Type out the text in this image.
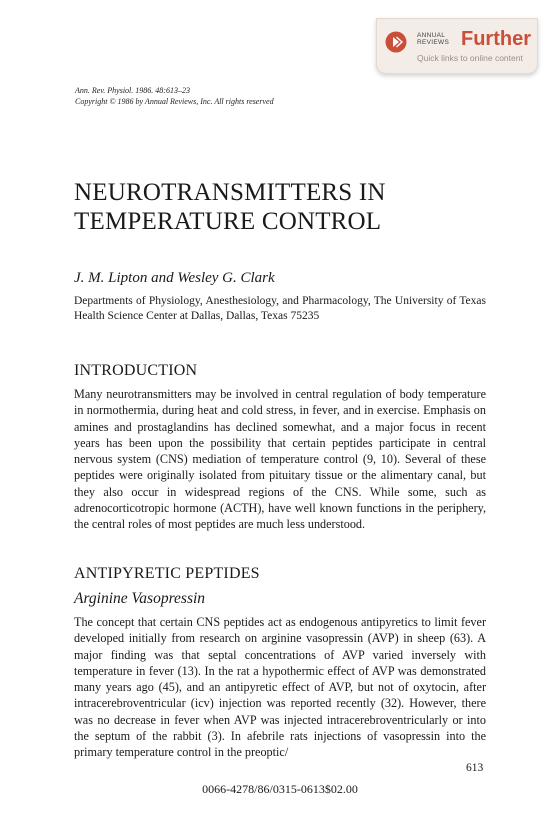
ANNUAL
REVIEWS Further
Quick links to online content
Ann. Rev. Physiol. 1986. 48:613–23
Copyright © 1986 by Annual Reviews, Inc. All rights reserved
NEUROTRANSMITTERS IN
TEMPERATURE CONTROL
J. M. Lipton and Wesley G. Clark

Departments of Physiology, Anesthesiology, and Pharmacology, The University of Texas Health Science Center at Dallas, Dallas, Texas 75235

INTRODUCTION

Many neurotransmitters may be involved in central regulation of body temperature in normothermia, during heat and cold stress, in fever, and in exercise. Emphasis on amines and prostaglandins has declined somewhat, and a major focus in recent years has been upon the possibility that certain peptides participate in central nervous system (CNS) mediation of temperature control (9, 10). Several of these peptides were originally isolated from pituitary tissue or the alimentary canal, but they also occur in widespread regions of the CNS. While some, such as adrenocorticotropic hormone (ACTH), have well known functions in the periphery, the central roles of most peptides are much less understood.

ANTIPYRETIC PEPTIDES
Arginine Vasopressin

The concept that certain CNS peptides act as endogenous antipyretics to limit fever developed initially from research on arginine vasopressin (AVP) in sheep (63). A major finding was that septal concentrations of AVP varied inversely with temperature in fever (13). In the rat a hypothermic effect of AVP was demonstrated many years ago (45), and an antipyretic effect of AVP, but not of oxytocin, after intracerebroventricular (icv) injection was reported recently (32). However, there was no decrease in fever when AVP was injected intracerebroventricularly or into the septum of the rabbit (3). In afebrile rats injections of vasopressin into the primary temperature control in the preoptic/

613
0066-4278/86/0315-0613$02.00
